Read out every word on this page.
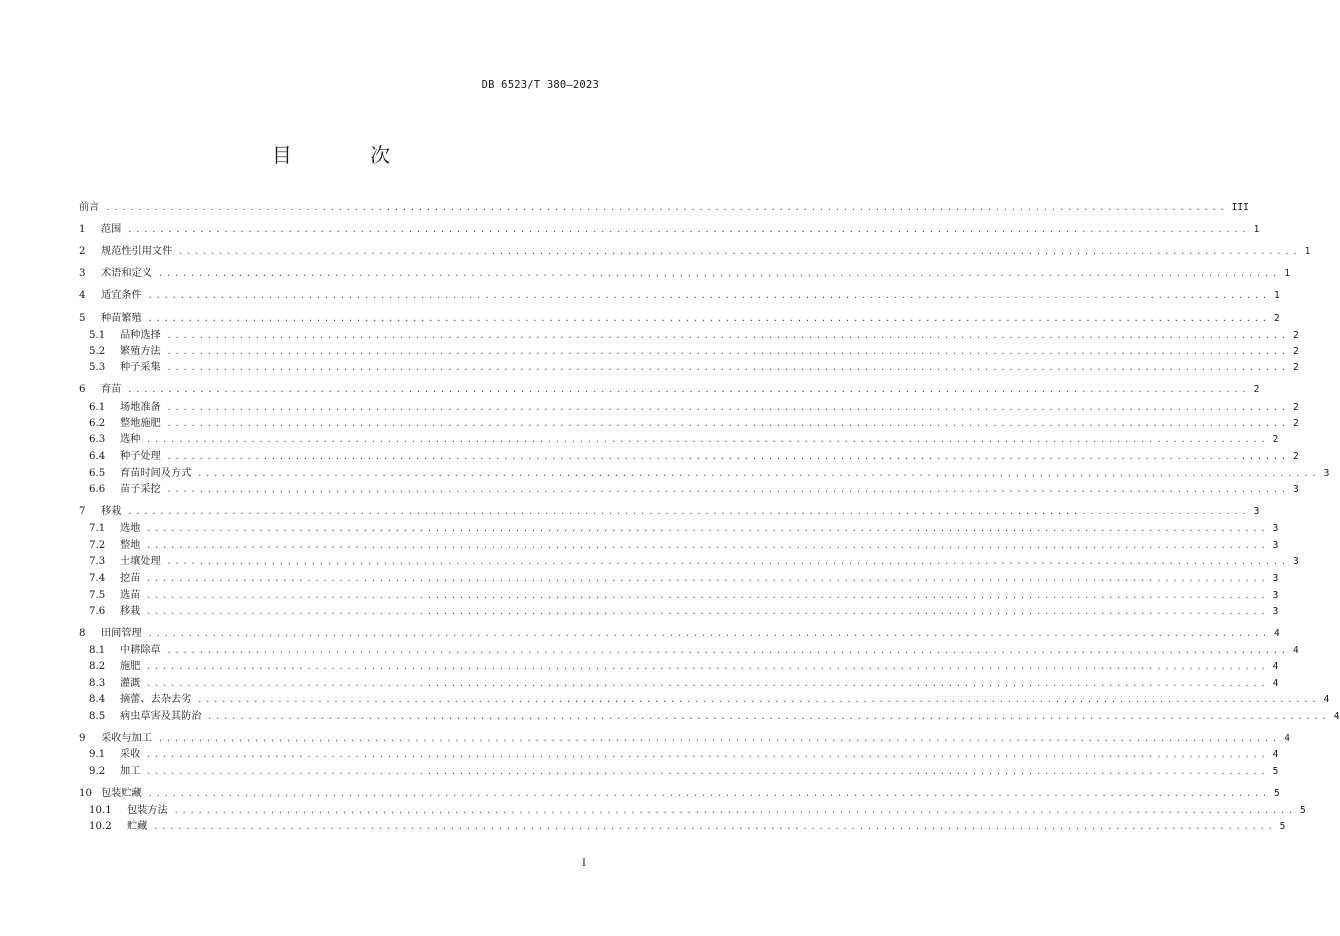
DB 6523/T 380—2023
目 次
前言 ............................................................................................................................................ III
1	范围 ............................................................................................................................................ 1
2	规范性引用文件 ............................................................................................................................................ 1
3	术语和定义 ............................................................................................................................................ 1
4	适宜条件 ............................................................................................................................................ 1
5	种苗繁殖 ............................................................................................................................................ 2
5.1	品种选择 ............................................................................................................................................ 2
5.2	繁殖方法 ............................................................................................................................................ 2
5.3	种子采集 ............................................................................................................................................ 2
6	育苗 ............................................................................................................................................ 2
6.1	场地准备 ............................................................................................................................................ 2
6.2	整地施肥 ............................................................................................................................................ 2
6.3	选种 ............................................................................................................................................ 2
6.4	种子处理 ............................................................................................................................................ 2
6.5	育苗时间及方式 ............................................................................................................................................ 3
6.6	苗子采挖 ............................................................................................................................................ 3
7	移栽 ............................................................................................................................................ 3
7.1	选地 ............................................................................................................................................ 3
7.2	整地 ............................................................................................................................................ 3
7.3	土壤处理 ............................................................................................................................................ 3
7.4	挖苗 ............................................................................................................................................ 3
7.5	选苗 ............................................................................................................................................ 3
7.6	移栽 ............................................................................................................................................ 3
8	田间管理 ............................................................................................................................................ 4
8.1	中耕除草 ............................................................................................................................................ 4
8.2	施肥 ............................................................................................................................................ 4
8.3	灌溉 ............................................................................................................................................ 4
8.4	摘蕾、去杂去劣 ............................................................................................................................................ 4
8.5	病虫草害及其防治 ............................................................................................................................................ 4
9	采收与加工 ............................................................................................................................................ 4
9.1	采收 ............................................................................................................................................ 4
9.2	加工 ............................................................................................................................................ 5
10 包装贮藏 ............................................................................................................................................ 5
10.1	包装方法 ............................................................................................................................................ 5
10.2	贮藏 ............................................................................................................................................ 5
I
